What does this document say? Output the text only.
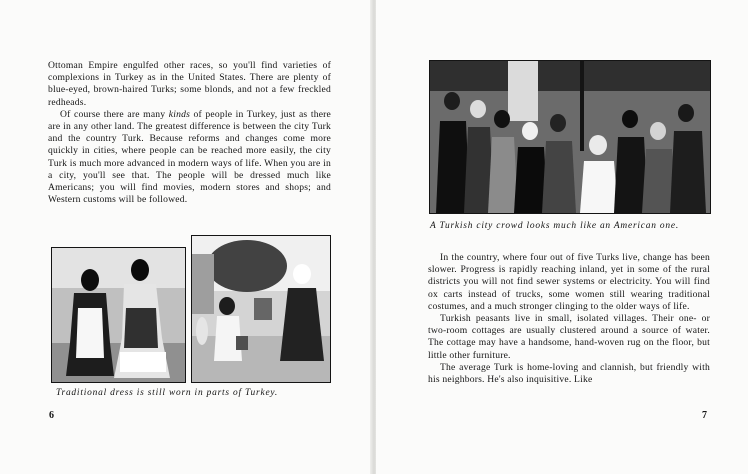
Ottoman Empire engulfed other races, so you'll find varieties of complexions in Turkey as in the United States. There are plenty of blue-eyed, brown-haired Turks; some blonds, and not a few freckled redheads.

Of course there are many kinds of people in Turkey, just as there are in any other land. The greatest difference is between the city Turk and the country Turk. Because reforms and changes come more quickly in cities, where people can be reached more easily, the city Turk is much more advanced in modern ways of life. When you are in a city, you'll see that. The people will be dressed much like Americans; you will find movies, modern stores and shops; and Western customs will be followed.

Traditional dress is still worn in parts of Turkey.
6
A Turkish city crowd looks much like an American one.

In the country, where four out of five Turks live, change has been slower. Progress is rapidly reaching inland, yet in some of the rural districts you will not find sewer systems or electricity. You will find ox carts instead of trucks, some women still wearing traditional costumes, and a much stronger clinging to the older ways of life.

Turkish peasants live in small, isolated villages. Their one- or two-room cottages are usually clustered around a source of water. The cottage may have a handsome, hand-woven rug on the floor, but little other furniture.

The average Turk is home-loving and clannish, but friendly with his neighbors. He's also inquisitive. Like

7
